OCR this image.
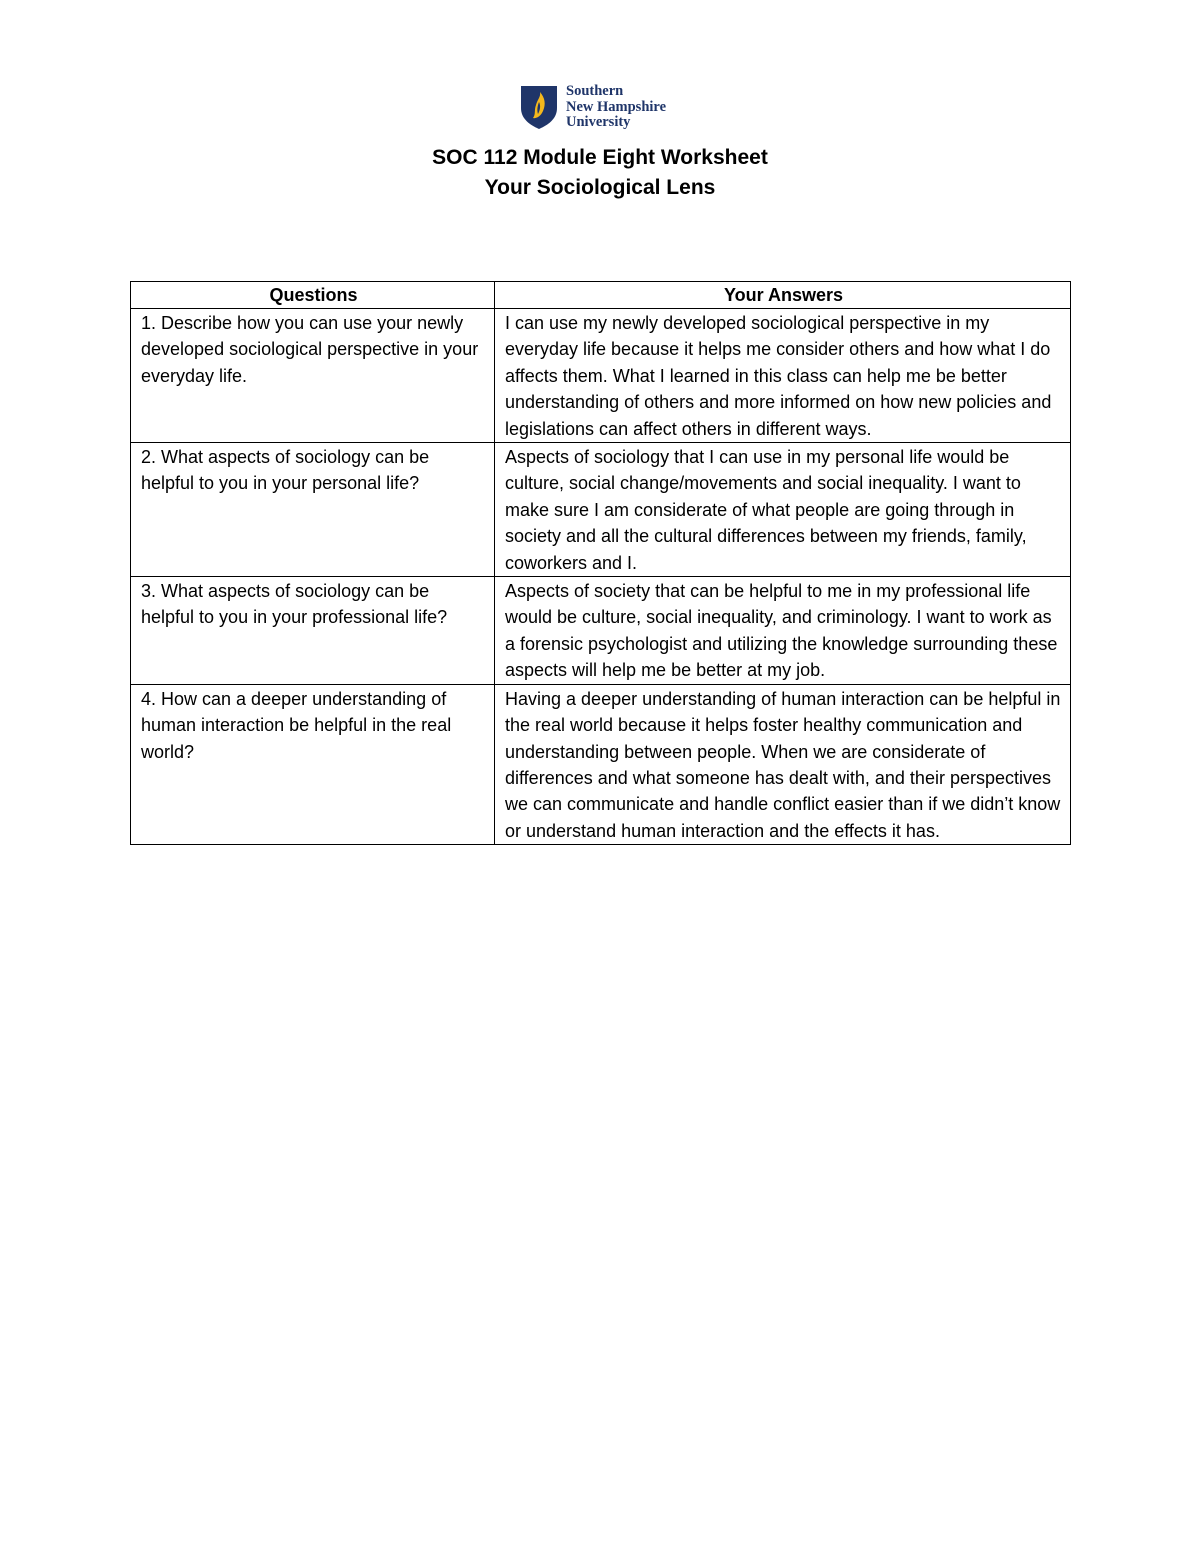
Southern
New Hampshire
University
SOC 112 Module Eight Worksheet
Your Sociological Lens
Questions	Your Answers
1. Describe how you can use your newly developed sociological perspective in your everyday life.	I can use my newly developed sociological perspective in my everyday life because it helps me consider others and how what I do affects them. What I learned in this class can help me be better understanding of others and more informed on how new policies and legislations can affect others in different ways.
2. What aspects of sociology can be helpful to you in your personal life?	Aspects of sociology that I can use in my personal life would be culture, social change/movements and social inequality. I want to make sure I am considerate of what people are going through in society and all the cultural differences between my friends, family, coworkers and I.
3. What aspects of sociology can be helpful to you in your professional life?	Aspects of society that can be helpful to me in my professional life would be culture, social inequality, and criminology. I want to work as a forensic psychologist and utilizing the knowledge surrounding these aspects will help me be better at my job.
4. How can a deeper understanding of human interaction be helpful in the real world?	Having a deeper understanding of human interaction can be helpful in the real world because it helps foster healthy communication and understanding between people. When we are considerate of differences and what someone has dealt with, and their perspectives we can communicate and handle conflict easier than if we didn’t know or understand human interaction and the effects it has.
